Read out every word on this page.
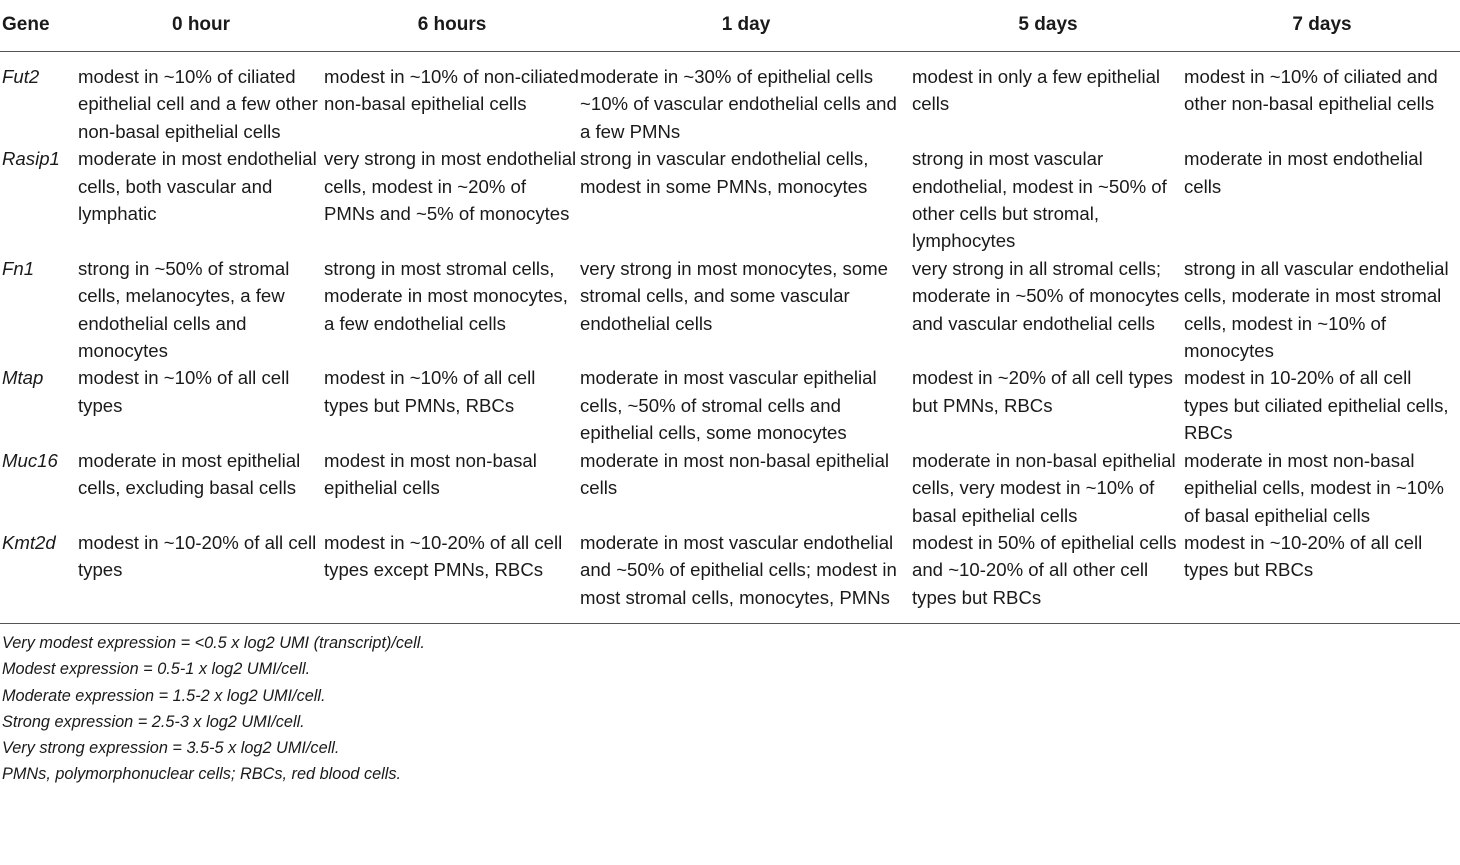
Gene	0 hour	6 hours	1 day	5 days	7 days
Fut2	modest in ~10% of ciliated epithelial cell and a few other non-basal epithelial cells	modest in ~10% of non-ciliated non-basal epithelial cells	moderate in ~30% of epithelial cells ~10% of vascular endothelial cells and a few PMNs	modest in only a few epithelial cells	modest in ~10% of ciliated and other non-basal epithelial cells
Rasip1	moderate in most endothelial cells, both vascular and lymphatic	very strong in most endothelial cells, modest in ~20% of PMNs and ~5% of monocytes	strong in vascular endothelial cells, modest in some PMNs, monocytes	strong in most vascular endothelial, modest in ~50% of other cells but stromal, lymphocytes	moderate in most endothelial cells
Fn1	strong in ~50% of stromal cells, melanocytes, a few endothelial cells and monocytes	strong in most stromal cells, moderate in most monocytes, a few endothelial cells	very strong in most monocytes, some stromal cells, and some vascular endothelial cells	very strong in all stromal cells; moderate in ~50% of monocytes and vascular endothelial cells	strong in all vascular endothelial cells, moderate in most stromal cells, modest in ~10% of monocytes
Mtap	modest in ~10% of all cell types	modest in ~10% of all cell types but PMNs, RBCs	moderate in most vascular epithelial cells, ~50% of stromal cells and epithelial cells, some monocytes	modest in ~20% of all cell types but PMNs, RBCs	modest in 10-20% of all cell types but ciliated epithelial cells, RBCs
Muc16	moderate in most epithelial cells, excluding basal cells	modest in most non-basal epithelial cells	moderate in most non-basal epithelial cells	moderate in non-basal epithelial cells, very modest in ~10% of basal epithelial cells	moderate in most non-basal epithelial cells, modest in ~10% of basal epithelial cells
Kmt2d	modest in ~10-20% of all cell types	modest in ~10-20% of all cell types except PMNs, RBCs	moderate in most vascular endothelial and ~50% of epithelial cells; modest in most stromal cells, monocytes, PMNs	modest in 50% of epithelial cells and ~10-20% of all other cell types but RBCs	modest in ~10-20% of all cell types but RBCs
Very modest expression = <0.5 x log2 UMI (transcript)/cell.
Modest expression = 0.5-1 x log2 UMI/cell.
Moderate expression = 1.5-2 x log2 UMI/cell.
Strong expression = 2.5-3 x log2 UMI/cell.
Very strong expression = 3.5-5 x log2 UMI/cell.
PMNs, polymorphonuclear cells; RBCs, red blood cells.
